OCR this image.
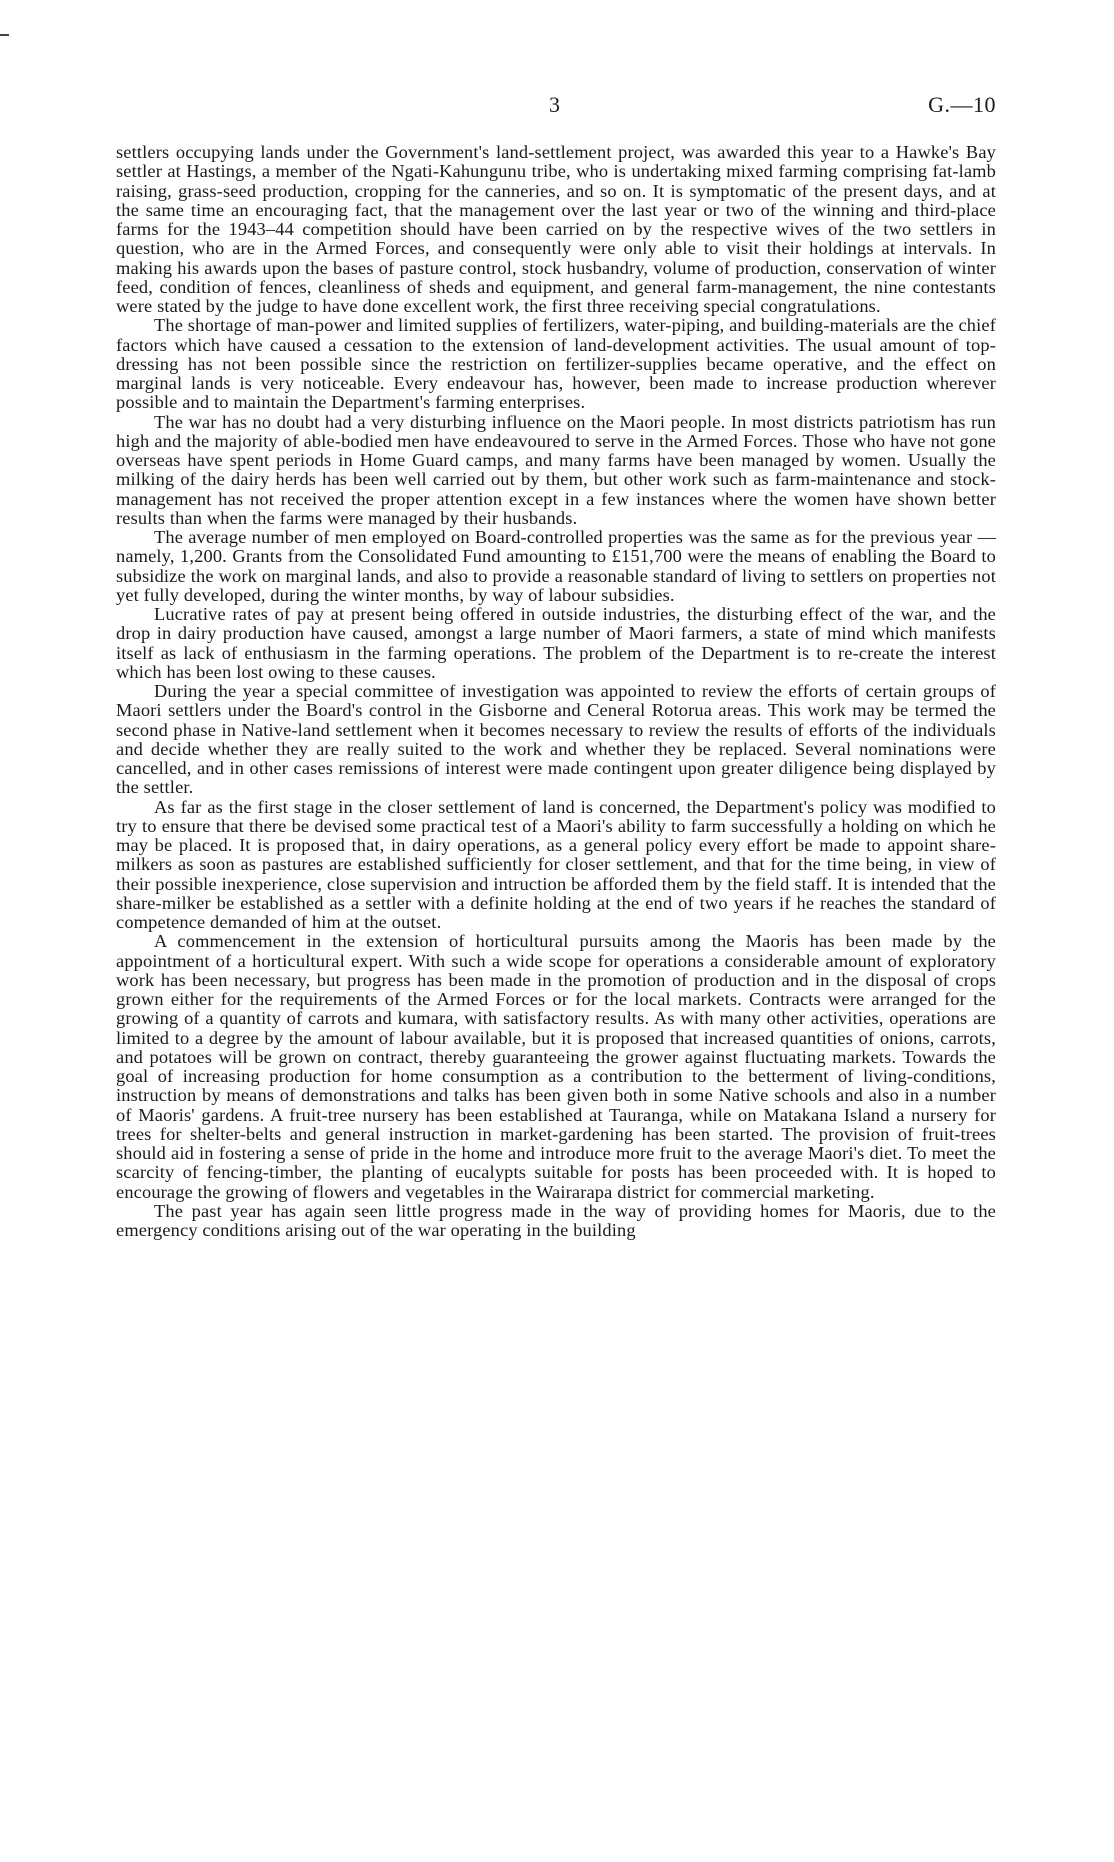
3	G.—10

settlers occupying lands under the Government's land-settlement project, was awarded this year to a Hawke's Bay settler at Hastings, a member of the Ngati-Kahungunu tribe, who is undertaking mixed farming comprising fat-lamb raising, grass-seed production, cropping for the canneries, and so on. It is symptomatic of the present days, and at the same time an encouraging fact, that the management over the last year or two of the winning and third-place farms for the 1943–44 competition should have been carried on by the respective wives of the two settlers in question, who are in the Armed Forces, and consequently were only able to visit their holdings at intervals. In making his awards upon the bases of pasture control, stock husbandry, volume of production, conservation of winter feed, condition of fences, cleanliness of sheds and equipment, and general farm-management, the nine contestants were stated by the judge to have done excellent work, the first three receiving special congratulations.

The shortage of man-power and limited supplies of fertilizers, water-piping, and building-materials are the chief factors which have caused a cessation to the extension of land-development activities. The usual amount of top-dressing has not been possible since the restriction on fertilizer-supplies became operative, and the effect on marginal lands is very noticeable. Every endeavour has, however, been made to increase production wherever possible and to maintain the Department's farming enterprises.

The war has no doubt had a very disturbing influence on the Maori people. In most districts patriotism has run high and the majority of able-bodied men have endeavoured to serve in the Armed Forces. Those who have not gone overseas have spent periods in Home Guard camps, and many farms have been managed by women. Usually the milking of the dairy herds has been well carried out by them, but other work such as farm-maintenance and stock-management has not received the proper attention except in a few instances where the women have shown better results than when the farms were managed by their husbands.

The average number of men employed on Board-controlled properties was the same as for the previous year — namely, 1,200. Grants from the Consolidated Fund amounting to £151,700 were the means of enabling the Board to subsidize the work on marginal lands, and also to provide a reasonable standard of living to settlers on properties not yet fully developed, during the winter months, by way of labour subsidies.

Lucrative rates of pay at present being offered in outside industries, the disturbing effect of the war, and the drop in dairy production have caused, amongst a large number of Maori farmers, a state of mind which manifests itself as lack of enthusiasm in the farming operations. The problem of the Department is to re-create the interest which has been lost owing to these causes.

During the year a special committee of investigation was appointed to review the efforts of certain groups of Maori settlers under the Board's control in the Gisborne and Ceneral Rotorua areas. This work may be termed the second phase in Native-land settlement when it becomes necessary to review the results of efforts of the individuals and decide whether they are really suited to the work and whether they be replaced. Several nominations were cancelled, and in other cases remissions of interest were made contingent upon greater diligence being displayed by the settler.

As far as the first stage in the closer settlement of land is concerned, the Department's policy was modified to try to ensure that there be devised some practical test of a Maori's ability to farm successfully a holding on which he may be placed. It is proposed that, in dairy operations, as a general policy every effort be made to appoint share-milkers as soon as pastures are established sufficiently for closer settlement, and that for the time being, in view of their possible inexperience, close supervision and intruction be afforded them by the field staff. It is intended that the share-milker be established as a settler with a definite holding at the end of two years if he reaches the standard of competence demanded of him at the outset.

A commencement in the extension of horticultural pursuits among the Maoris has been made by the appointment of a horticultural expert. With such a wide scope for operations a considerable amount of exploratory work has been necessary, but progress has been made in the promotion of production and in the disposal of crops grown either for the requirements of the Armed Forces or for the local markets. Contracts were arranged for the growing of a quantity of carrots and kumara, with satisfactory results. As with many other activities, operations are limited to a degree by the amount of labour available, but it is proposed that increased quantities of onions, carrots, and potatoes will be grown on contract, thereby guaranteeing the grower against fluctuating markets. Towards the goal of increasing production for home consumption as a contribution to the betterment of living-conditions, instruction by means of demonstrations and talks has been given both in some Native schools and also in a number of Maoris' gardens. A fruit-tree nursery has been established at Tauranga, while on Matakana Island a nursery for trees for shelter-belts and general instruction in market-gardening has been started. The provision of fruit-trees should aid in fostering a sense of pride in the home and introduce more fruit to the average Maori's diet. To meet the scarcity of fencing-timber, the planting of eucalypts suitable for posts has been proceeded with. It is hoped to encourage the growing of flowers and vegetables in the Wairarapa district for commercial marketing.

The past year has again seen little progress made in the way of providing homes for Maoris, due to the emergency conditions arising out of the war operating in the building
